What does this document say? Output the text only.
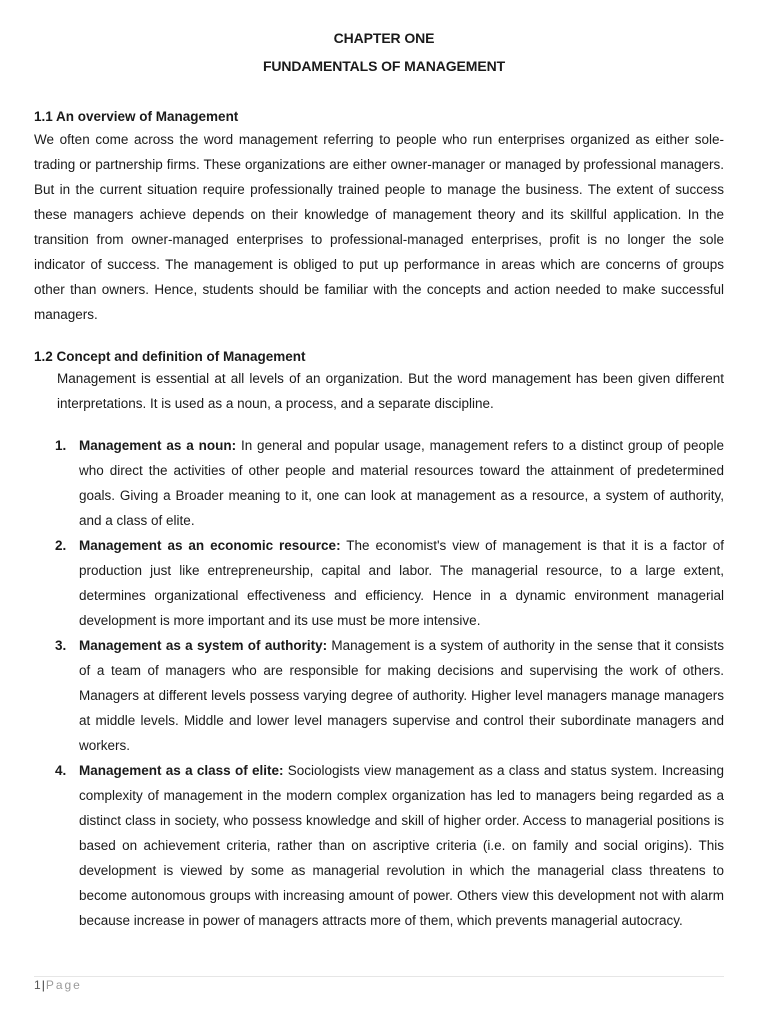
CHAPTER ONE
FUNDAMENTALS OF MANAGEMENT
1.1 An overview of Management

We often come across the word management referring to people who run enterprises organized as either sole-trading or partnership firms. These organizations are either owner-manager or managed by professional managers. But in the current situation require professionally trained people to manage the business. The extent of success these managers achieve depends on their knowledge of management theory and its skillful application. In the transition from owner-managed enterprises to professional-managed enterprises, profit is no longer the sole indicator of success. The management is obliged to put up performance in areas which are concerns of groups other than owners. Hence, students should be familiar with the concepts and action needed to make successful managers.

1.2 Concept and definition of Management

Management is essential at all levels of an organization. But the word management has been given different interpretations. It is used as a noun, a process, and a separate discipline.

1. Management as a noun: In general and popular usage, management refers to a distinct group of people who direct the activities of other people and material resources toward the attainment of predetermined goals. Giving a Broader meaning to it, one can look at management as a resource, a system of authority, and a class of elite.
2. Management as an economic resource: The economist's view of management is that it is a factor of production just like entrepreneurship, capital and labor. The managerial resource, to a large extent, determines organizational effectiveness and efficiency. Hence in a dynamic environment managerial development is more important and its use must be more intensive.
3. Management as a system of authority: Management is a system of authority in the sense that it consists of a team of managers who are responsible for making decisions and supervising the work of others. Managers at different levels possess varying degree of authority. Higher level managers manage managers at middle levels. Middle and lower level managers supervise and control their subordinate managers and workers.
4. Management as a class of elite: Sociologists view management as a class and status system. Increasing complexity of management in the modern complex organization has led to managers being regarded as a distinct class in society, who possess knowledge and skill of higher order. Access to managerial positions is based on achievement criteria, rather than on ascriptive criteria (i.e. on family and social origins). This development is viewed by some as managerial revolution in which the managerial class threatens to become autonomous groups with increasing amount of power. Others view this development not with alarm because increase in power of managers attracts more of them, which prevents managerial autocracy.
1|Page
